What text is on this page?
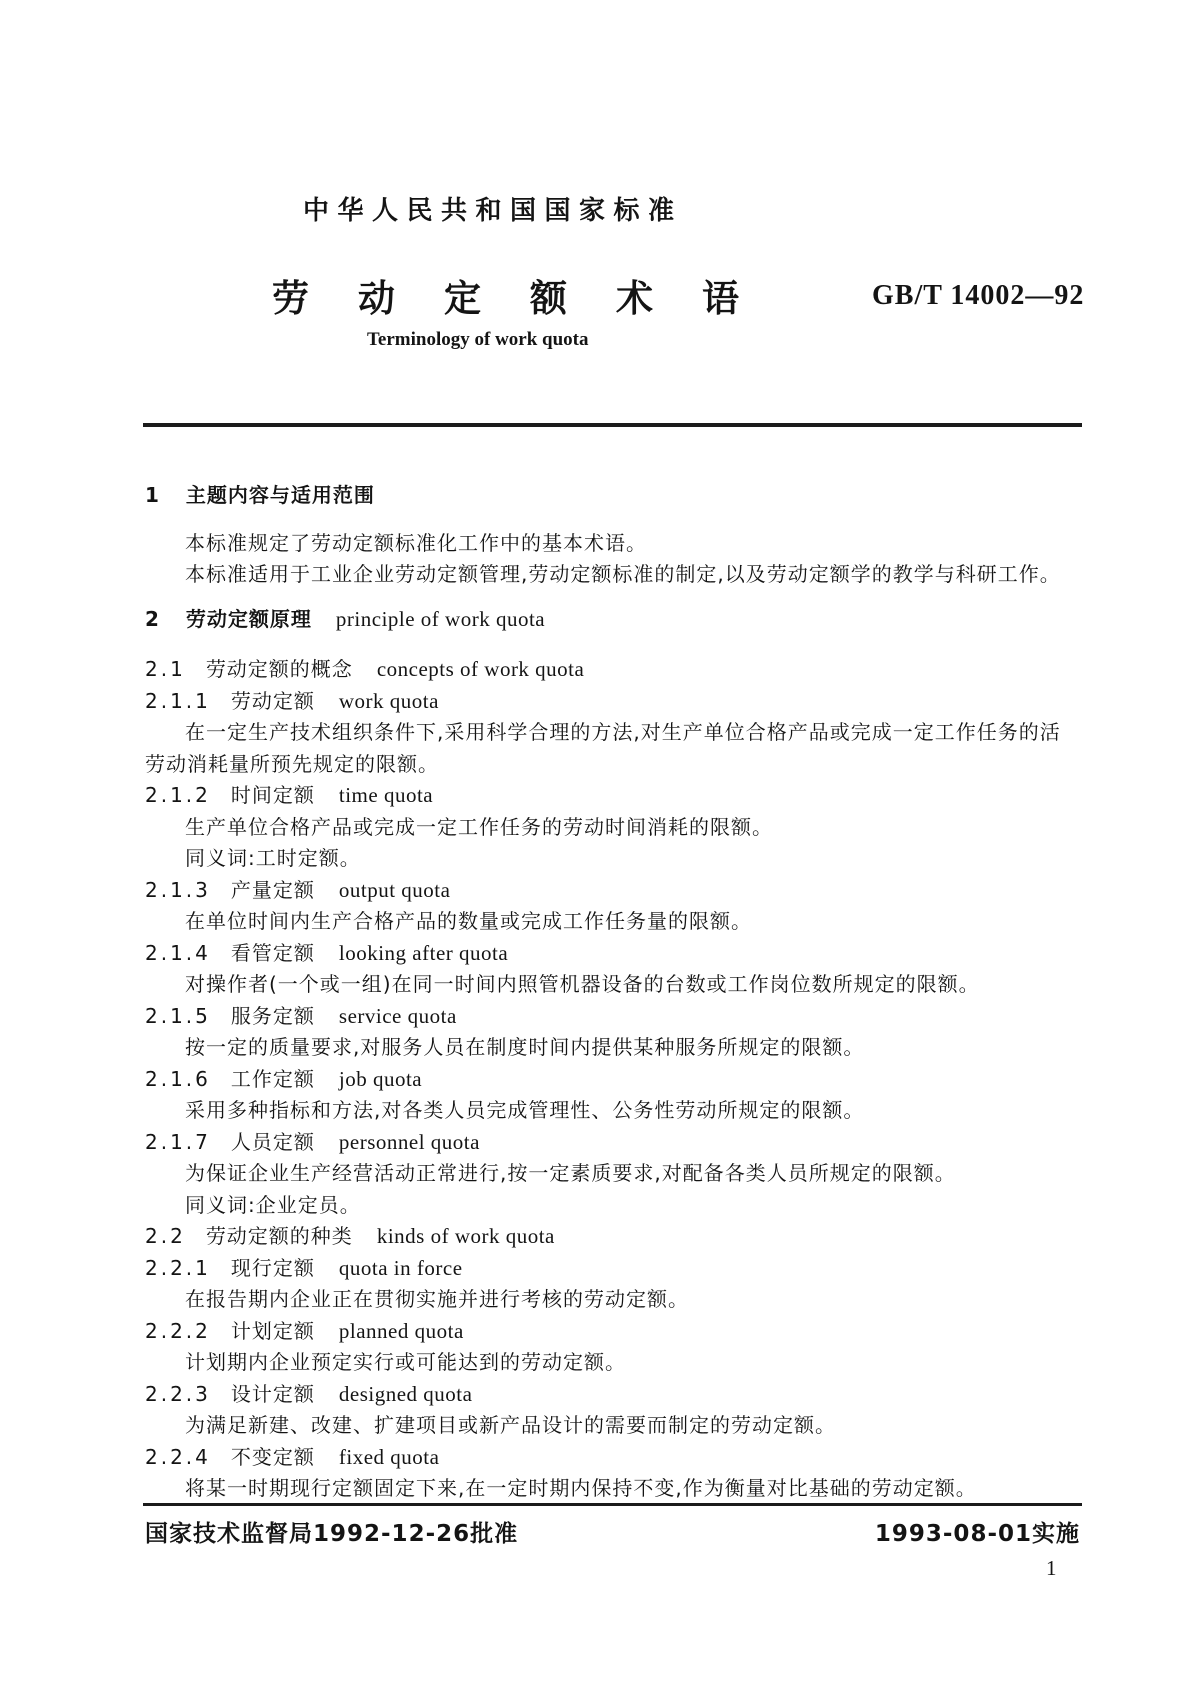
中华人民共和国国家标准
劳动定额术语	GB/T 14002—92
Terminology of work quota
1 主题内容与适用范围
本标准规定了劳动定额标准化工作中的基本术语。
本标准适用于工业企业劳动定额管理,劳动定额标准的制定,以及劳动定额学的教学与科研工作。
2 劳动定额原理 principle of work quota
2.1 劳动定额的概念 concepts of work quota
2.1.1 劳动定额 work quota
在一定生产技术组织条件下,采用科学合理的方法,对生产单位合格产品或完成一定工作任务的活
劳动消耗量所预先规定的限额。
2.1.2 时间定额 time quota
生产单位合格产品或完成一定工作任务的劳动时间消耗的限额。
同义词:工时定额。
2.1.3 产量定额 output quota
在单位时间内生产合格产品的数量或完成工作任务量的限额。
2.1.4 看管定额 looking after quota
对操作者(一个或一组)在同一时间内照管机器设备的台数或工作岗位数所规定的限额。
2.1.5 服务定额 service quota
按一定的质量要求,对服务人员在制度时间内提供某种服务所规定的限额。
2.1.6 工作定额 job quota
采用多种指标和方法,对各类人员完成管理性、公务性劳动所规定的限额。
2.1.7 人员定额 personnel quota
为保证企业生产经营活动正常进行,按一定素质要求,对配备各类人员所规定的限额。
同义词:企业定员。
2.2 劳动定额的种类 kinds of work quota
2.2.1 现行定额 quota in force
在报告期内企业正在贯彻实施并进行考核的劳动定额。
2.2.2 计划定额 planned quota
计划期内企业预定实行或可能达到的劳动定额。
2.2.3 设计定额 designed quota
为满足新建、改建、扩建项目或新产品设计的需要而制定的劳动定额。
2.2.4 不变定额 fixed quota
将某一时期现行定额固定下来,在一定时期内保持不变,作为衡量对比基础的劳动定额。
国家技术监督局1992-12-26批准	1993-08-01实施
1
